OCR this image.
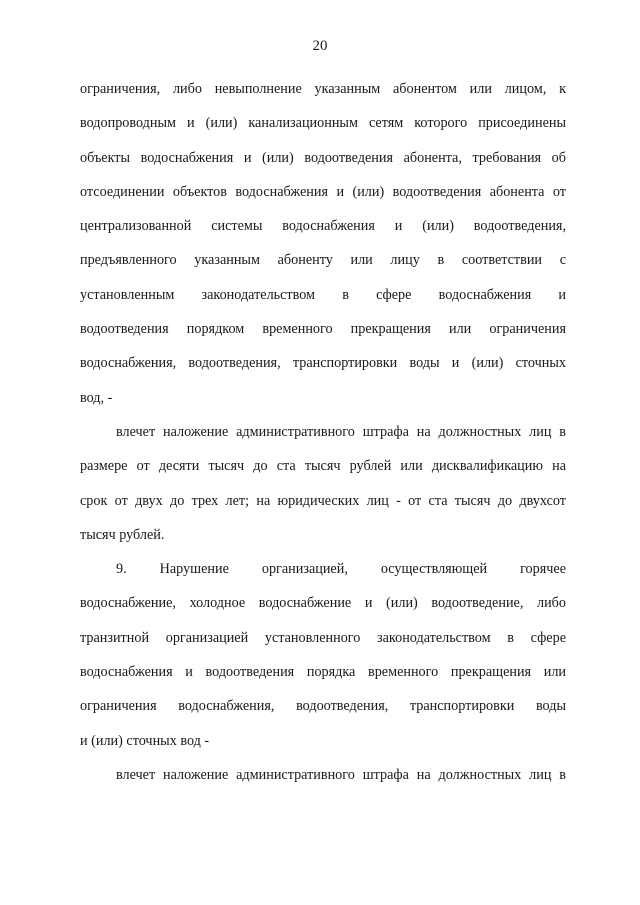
20
ограничения, либо невыполнение указанным абонентом или лицом, к
водопроводным и (или) канализационным сетям которого присоединены
объекты водоснабжения и (или) водоотведения абонента, требования об
отсоединении объектов водоснабжения и (или) водоотведения абонента от
централизованной системы водоснабжения и (или) водоотведения,
предъявленного указанным абоненту или лицу в соответствии с
установленным законодательством в сфере водоснабжения и
водоотведения порядком временного прекращения или ограничения
водоснабжения, водоотведения, транспортировки воды и (или) сточных
вод, -
влечет наложение административного штрафа на должностных лиц в
размере от десяти тысяч до ста тысяч рублей или дисквалификацию на
срок от двух до трех лет; на юридических лиц - от ста тысяч до двухсот
тысяч рублей.
9. Нарушение организацией, осуществляющей горячее
водоснабжение, холодное водоснабжение и (или) водоотведение, либо
транзитной организацией установленного законодательством в сфере
водоснабжения и водоотведения порядка временного прекращения или
ограничения водоснабжения, водоотведения, транспортировки воды
и (или) сточных вод -
влечет наложение административного штрафа на должностных лиц в
